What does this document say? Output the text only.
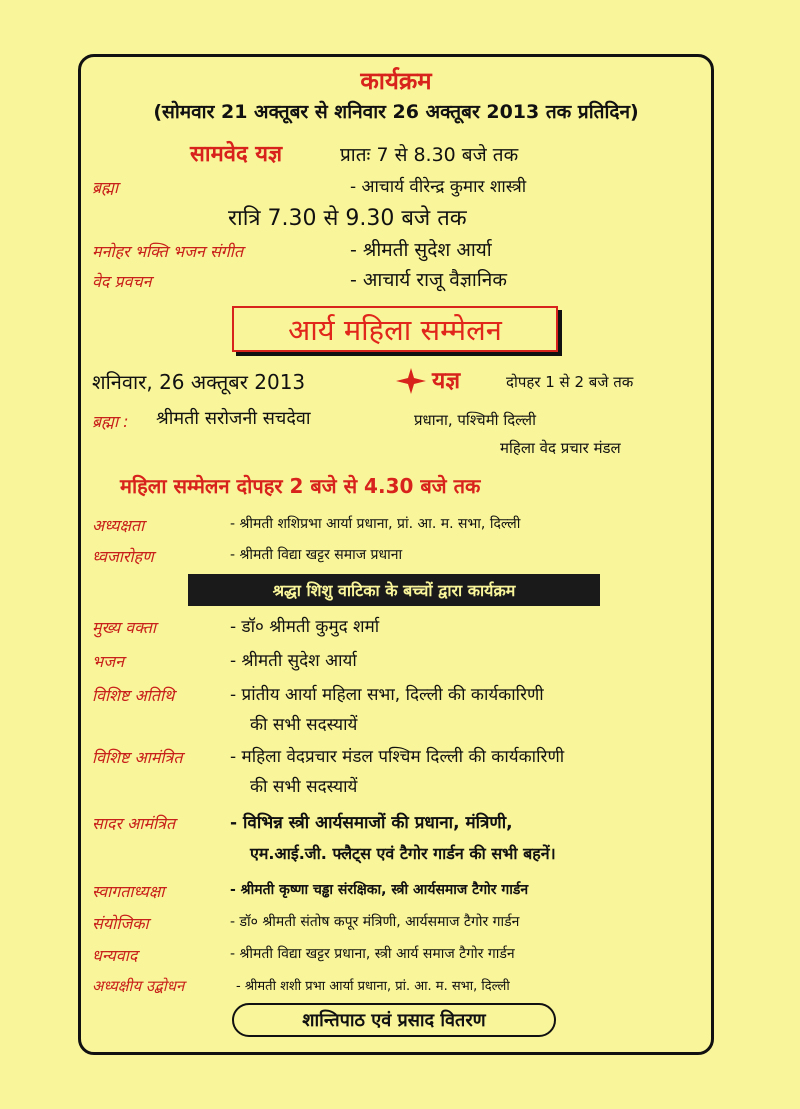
कार्यक्रम
(सोमवार 21 अक्तूबर से शनिवार 26 अक्तूबर 2013 तक प्रतिदिन)
सामवेद यज्ञ	प्रातः 7 से 8.30 बजे तक
ब्रह्मा	- आचार्य वीरेन्द्र कुमार शास्त्री
रात्रि 7.30 से 9.30 बजे तक
मनोहर भक्ति भजन संगीत	- श्रीमती सुदेश आर्या
वेद प्रवचन	- आचार्य राजू वैज्ञानिक
आर्य महिला सम्मेलन
शनिवार, 26 अक्तूबर 2013	यज्ञ	दोपहर 1 से 2 बजे तक
ब्रह्मा : श्रीमती सरोजनी सचदेवा	प्रधाना, पश्चिमी दिल्ली
महिला वेद प्रचार मंडल
महिला सम्मेलन दोपहर 2 बजे से 4.30 बजे तक
अध्यक्षता	- श्रीमती शशिप्रभा आर्या प्रधाना, प्रां. आ. म. सभा, दिल्ली
ध्वजारोहण	- श्रीमती विद्या खट्टर समाज प्रधाना
श्रद्धा शिशु वाटिका के बच्चों द्वारा कार्यक्रम
मुख्य वक्ता	- डॉ० श्रीमती कुमुद शर्मा
भजन	- श्रीमती सुदेश आर्या
विशिष्ट अतिथि	- प्रांतीय आर्या महिला सभा, दिल्ली की कार्यकारिणी
की सभी सदस्यायें
विशिष्ट आमंत्रित	- महिला वेदप्रचार मंडल पश्चिम दिल्ली की कार्यकारिणी
की सभी सदस्यायें
सादर आमंत्रित	- विभिन्न स्त्री आर्यसमाजों की प्रधाना, मंत्रिणी,
एम.आई.जी. फ्लैट्स एवं टैगोर गार्डन की सभी बहनें।
स्वागताध्यक्षा	- श्रीमती कृष्णा चड्ढा संरक्षिका, स्त्री आर्यसमाज टैगोर गार्डन
संयोजिका	- डॉ० श्रीमती संतोष कपूर मंत्रिणी, आर्यसमाज टैगोर गार्डन
धन्यवाद	- श्रीमती विद्या खट्टर प्रधाना, स्त्री आर्य समाज टैगोर गार्डन
अध्यक्षीय उद्बोधन	- श्रीमती शशी प्रभा आर्या प्रधाना, प्रां. आ. म. सभा, दिल्ली
शान्तिपाठ एवं प्रसाद वितरण
